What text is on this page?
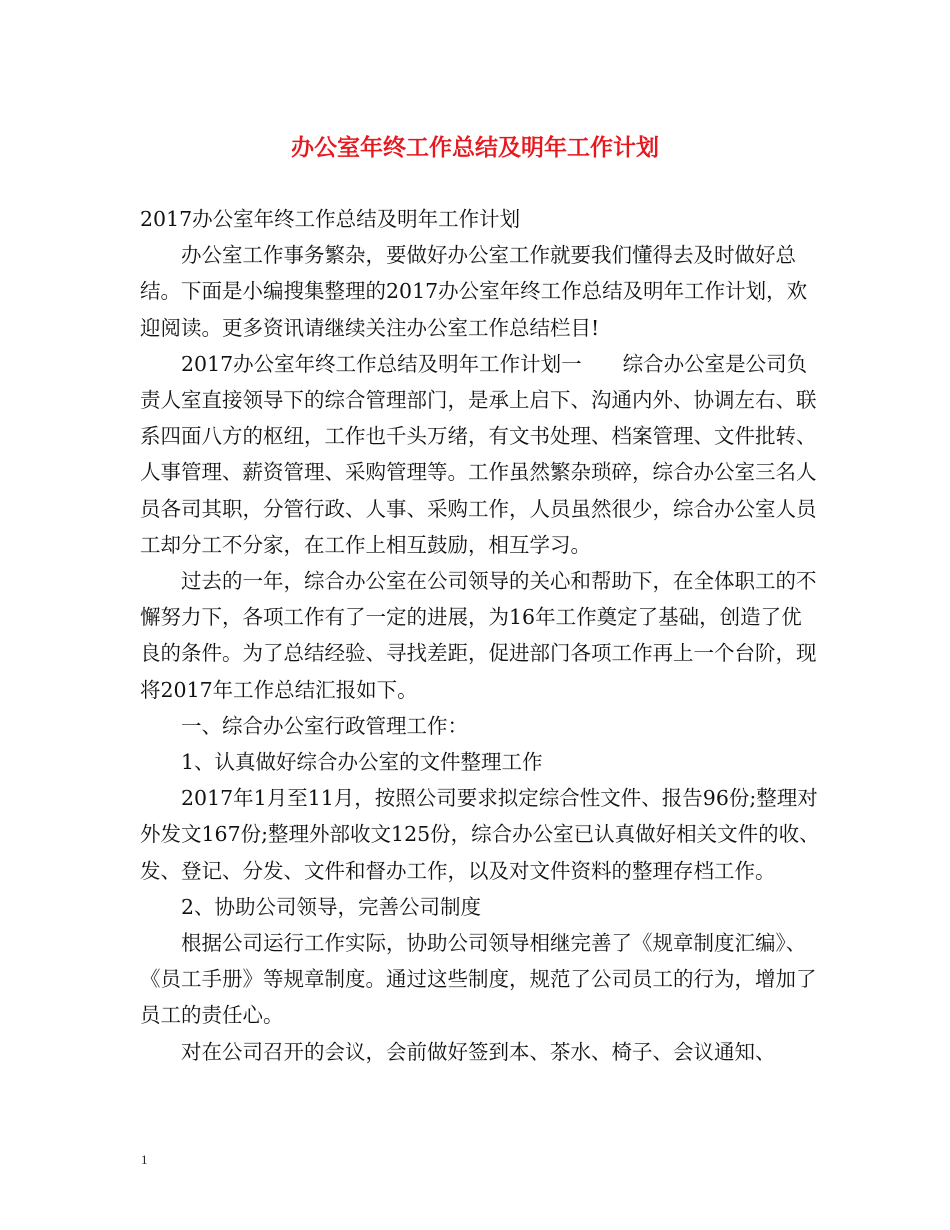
办公室年终工作总结及明年工作计划

2017办公室年终工作总结及明年工作计划

办公室工作事务繁杂，要做好办公室工作就要我们懂得去及时做好总结。下面是小编搜集整理的2017办公室年终工作总结及明年工作计划，欢迎阅读。更多资讯请继续关注办公室工作总结栏目!

2017办公室年终工作总结及明年工作计划一　　综合办公室是公司负责人室直接领导下的综合管理部门，是承上启下、沟通内外、协调左右、联系四面八方的枢纽，工作也千头万绪，有文书处理、档案管理、文件批转、人事管理、薪资管理、采购管理等。工作虽然繁杂琐碎，综合办公室三名人员各司其职，分管行政、人事、采购工作，人员虽然很少，综合办公室人员工却分工不分家，在工作上相互鼓励，相互学习。

过去的一年，综合办公室在公司领导的关心和帮助下，在全体职工的不懈努力下，各项工作有了一定的进展，为16年工作奠定了基础，创造了优良的条件。为了总结经验、寻找差距，促进部门各项工作再上一个台阶，现将2017年工作总结汇报如下。

一、综合办公室行政管理工作：

1、认真做好综合办公室的文件整理工作

2017年1月至11月，按照公司要求拟定综合性文件、报告96份;整理对外发文167份;整理外部收文125份，综合办公室已认真做好相关文件的收、发、登记、分发、文件和督办工作，以及对文件资料的整理存档工作。

2、协助公司领导，完善公司制度

根据公司运行工作实际，协助公司领导相继完善了《规章制度汇编》、《员工手册》等规章制度。通过这些制度，规范了公司员工的行为，增加了员工的责任心。

对在公司召开的会议，会前做好签到本、茶水、椅子、会议通知、

1
